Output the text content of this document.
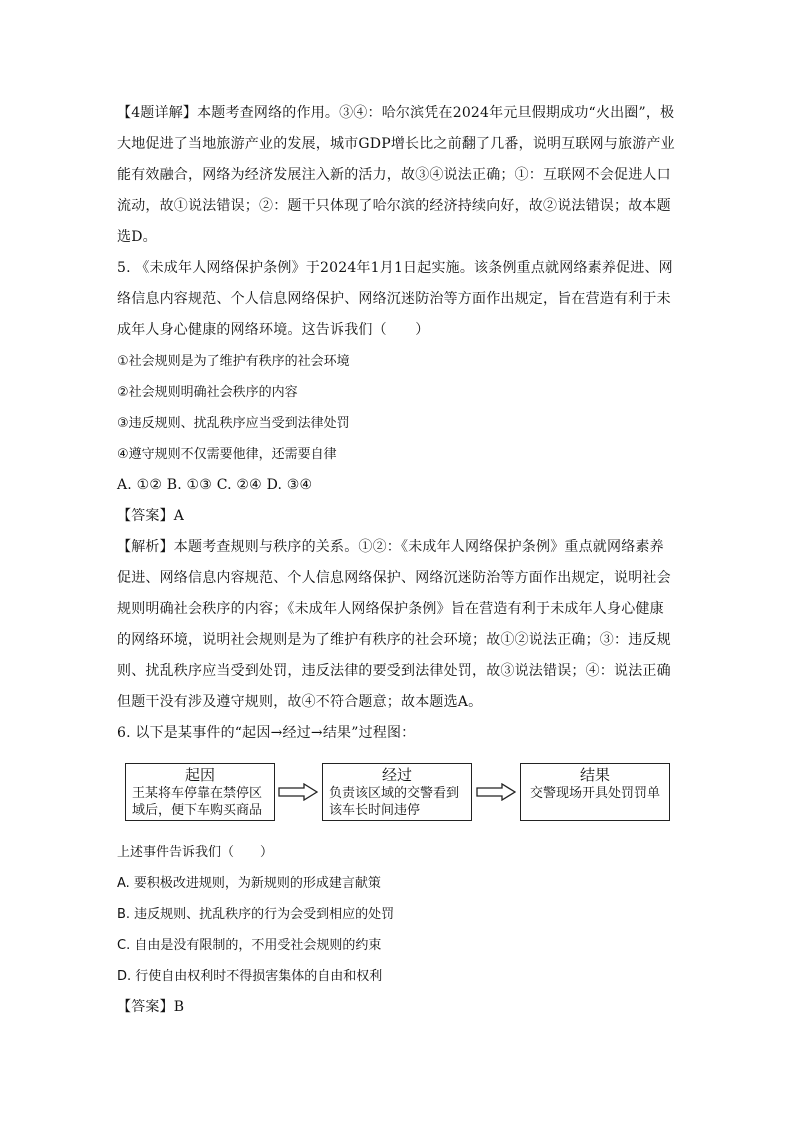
【4题详解】本题考查网络的作用。③④：哈尔滨凭在2024年元旦假期成功“火出圈”，极大地促进了当地旅游产业的发展，城市GDP增长比之前翻了几番，说明互联网与旅游产业能有效融合，网络为经济发展注入新的活力，故③④说法正确；①：互联网不会促进人口流动，故①说法错误；②：题干只体现了哈尔滨的经济持续向好，故②说法错误；故本题选D。

5. 《未成年人网络保护条例》于2024年1月1日起实施。该条例重点就网络素养促进、网络信息内容规范、个人信息网络保护、网络沉迷防治等方面作出规定，旨在营造有利于未成年人身心健康的网络环境。这告诉我们（　　）

①社会规则是为了维护有秩序的社会环境

②社会规则明确社会秩序的内容

③违反规则、扰乱秩序应当受到法律处罚

④遵守规则不仅需要他律，还需要自律

A. ①② B. ①③ C. ②④ D. ③④

【答案】A

【解析】本题考查规则与秩序的关系。①②：《未成年人网络保护条例》重点就网络素养促进、网络信息内容规范、个人信息网络保护、网络沉迷防治等方面作出规定，说明社会规则明确社会秩序的内容；《未成年人网络保护条例》旨在营造有利于未成年人身心健康的网络环境，说明社会规则是为了维护有秩序的社会环境；故①②说法正确；③：违反规则、扰乱秩序应当受到处罚，违反法律的要受到法律处罚，故③说法错误；④：说法正确但题干没有涉及遵守规则，故④不符合题意；故本题选A。

6. 以下是某事件的“起因→经过→结果”过程图：

起因
王某将车停靠在禁停区域后，便下车购买商品
经过
负责该区域的交警看到该车长时间违停
结果
交警现场开具处罚罚单

上述事件告诉我们（　　）

A. 要积极改进规则，为新规则的形成建言献策

B. 违反规则、扰乱秩序的行为会受到相应的处罚

C. 自由是没有限制的，不用受社会规则的约束

D. 行使自由权利时不得损害集体的自由和权利

【答案】B
